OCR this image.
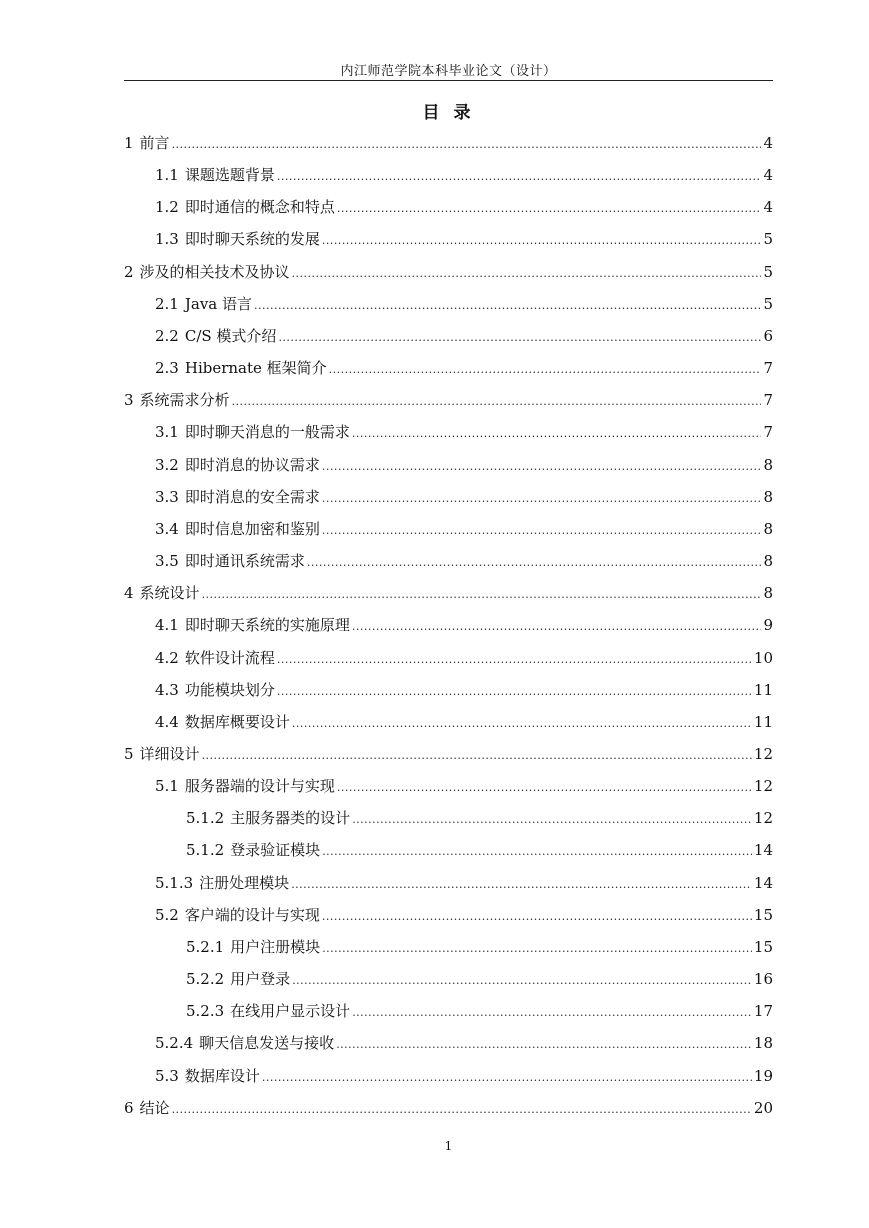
内江师范学院本科毕业论文（设计）
目 录
1 前言 .....	4
1.1 课题选题背景 .....	4
1.2 即时通信的概念和特点 .....	4
1.3 即时聊天系统的发展 .....	5
2 涉及的相关技术及协议 .....	5
2.1 Java 语言 .....	5
2.2 C/S 模式介绍 .....	6
2.3 Hibernate 框架简介 .....	7
3 系统需求分析 .....	7
3.1 即时聊天消息的一般需求 .....	7
3.2 即时消息的协议需求 .....	8
3.3 即时消息的安全需求 .....	8
3.4 即时信息加密和鉴别 .....	8
3.5 即时通讯系统需求 .....	8
4 系统设计 .....	8
4.1 即时聊天系统的实施原理 .....	9
4.2 软件设计流程 .....	10
4.3 功能模块划分 .....	11
4.4 数据库概要设计 .....	11
5 详细设计 .....	12
5.1 服务器端的设计与实现 .....	12
5.1.2 主服务器类的设计 .....	12
5.1.2 登录验证模块 .....	14
5.1.3 注册处理模块 .....	14
5.2 客户端的设计与实现 .....	15
5.2.1 用户注册模块 .....	15
5.2.2 用户登录 .....	16
5.2.3 在线用户显示设计 .....	17
5.2.4 聊天信息发送与接收 .....	18
5.3 数据库设计 .....	19
6 结论 .....	20
1
